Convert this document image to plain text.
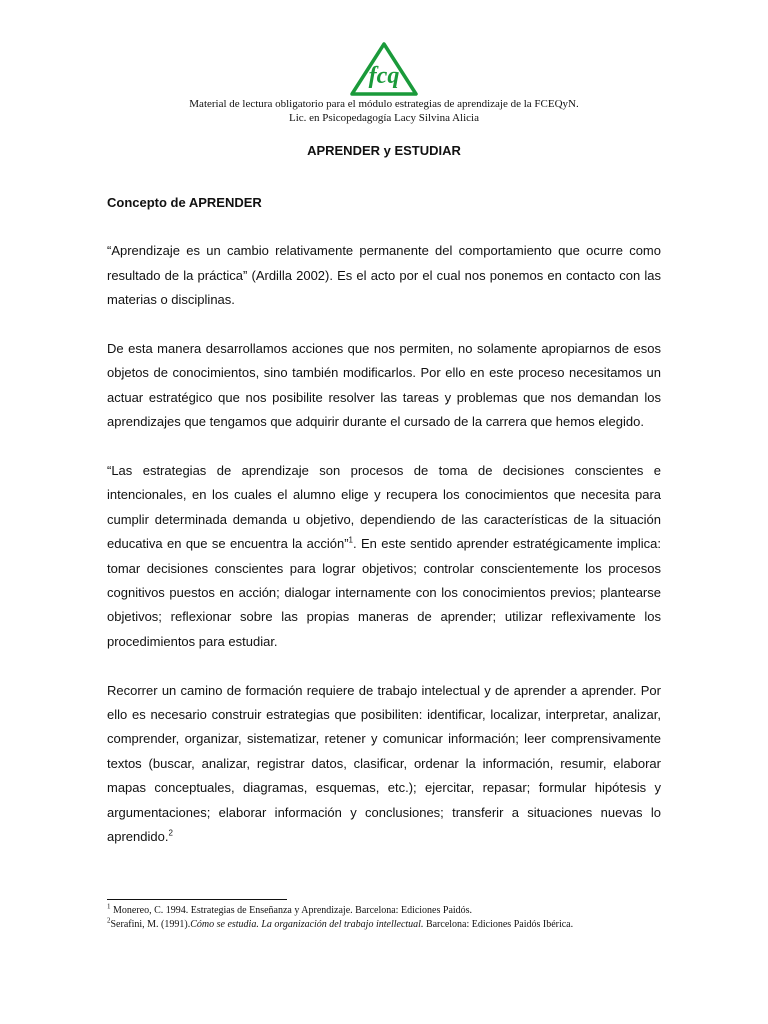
fcq
Material de lectura obligatorio para el módulo estrategias de aprendizaje de la FCEQyN.
Lic. en Psicopedagogía Lacy Silvina Alicia
APRENDER y ESTUDIAR
Concepto de APRENDER

“Aprendizaje es un cambio relativamente permanente del comportamiento que ocurre como resultado de la práctica” (Ardilla 2002). Es el acto por el cual nos ponemos en contacto con las materias o disciplinas.

De esta manera desarrollamos acciones que nos permiten, no solamente apropiarnos de esos objetos de conocimientos, sino también modificarlos. Por ello en este proceso necesitamos un actuar estratégico que nos posibilite resolver las tareas y problemas que nos demandan los aprendizajes que tengamos que adquirir durante el cursado de la carrera que hemos elegido.

“Las estrategias de aprendizaje son procesos de toma de decisiones conscientes e intencionales, en los cuales el alumno elige y recupera los conocimientos que necesita para cumplir determinada demanda u objetivo, dependiendo de las características de la situación educativa en que se encuentra la acción”$^1$. En este sentido aprender estratégicamente implica: tomar decisiones conscientes para lograr objetivos; controlar conscientemente los procesos cognitivos puestos en acción; dialogar internamente con los conocimientos previos; plantearse objetivos; reflexionar sobre las propias maneras de aprender; utilizar reflexivamente los procedimientos para estudiar.

Recorrer un camino de formación requiere de trabajo intelectual y de aprender a aprender. Por ello es necesario construir estrategias que posibiliten: identificar, localizar, interpretar, analizar, comprender, organizar, sistematizar, retener y comunicar información; leer comprensivamente textos (buscar, analizar, registrar datos, clasificar, ordenar la información, resumir, elaborar mapas conceptuales, diagramas, esquemas, etc.); ejercitar, repasar; formular hipótesis y argumentaciones; elaborar información y conclusiones; transferir a situaciones nuevas lo aprendido.$^2$

$^1$ Monereo, C. 1994. Estrategias de Enseñanza y Aprendizaje. Barcelona: Ediciones Paidós.
$^2$Serafini, M. (1991).Cómo se estudia. La organización del trabajo intellectual. Barcelona: Ediciones Paidós Ibérica.
